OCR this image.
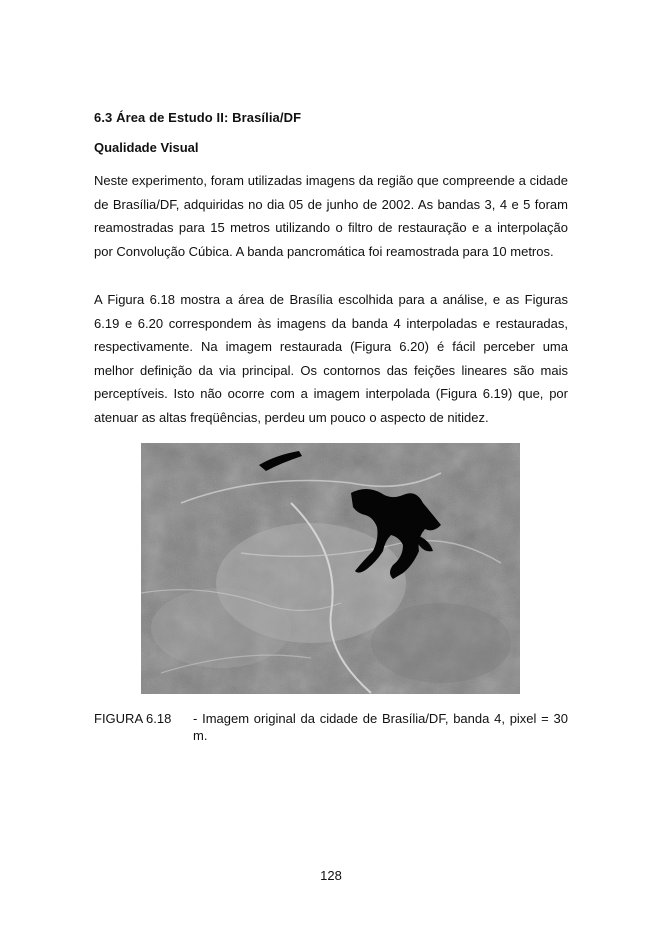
6.3 Área de Estudo II: Brasília/DF
Qualidade Visual

Neste experimento, foram utilizadas imagens da região que compreende a cidade de Brasília/DF, adquiridas no dia 05 de junho de 2002. As bandas 3, 4 e 5 foram reamostradas para 15 metros utilizando o filtro de restauração e a interpolação por Convolução Cúbica. A banda pancromática foi reamostrada para 10 metros.

A Figura 6.18 mostra a área de Brasília escolhida para a análise, e as Figuras 6.19 e 6.20 correspondem às imagens da banda 4 interpoladas e restauradas, respectivamente. Na imagem restaurada (Figura 6.20) é fácil perceber uma melhor definição da via principal. Os contornos das feições lineares são mais perceptíveis. Isto não ocorre com a imagem interpolada (Figura 6.19) que, por atenuar as altas freqüências, perdeu um pouco o aspecto de nitidez.

FIGURA 6.18 - Imagem original da cidade de Brasília/DF, banda 4, pixel = 30 m.
128
